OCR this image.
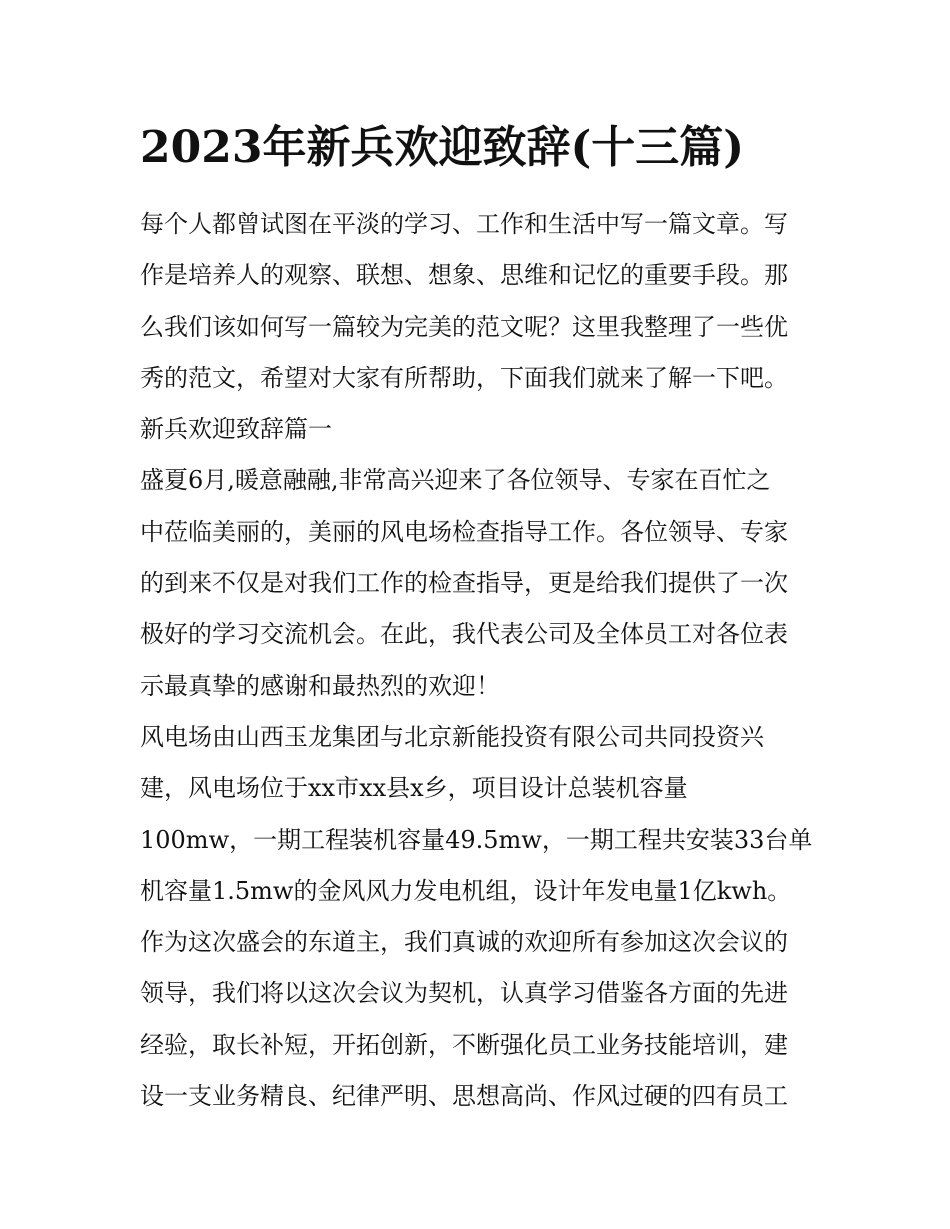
2023年新兵欢迎致辞(十三篇)
每个人都曾试图在平淡的学习、工作和生活中写一篇文章。写
作是培养人的观察、联想、想象、思维和记忆的重要手段。那
么我们该如何写一篇较为完美的范文呢？这里我整理了一些优
秀的范文，希望对大家有所帮助，下面我们就来了解一下吧。
新兵欢迎致辞篇一
盛夏6月,暖意融融,非常高兴迎来了各位领导、专家在百忙之
中莅临美丽的，美丽的风电场检查指导工作。各位领导、专家
的到来不仅是对我们工作的检查指导，更是给我们提供了一次
极好的学习交流机会。在此，我代表公司及全体员工对各位表
示最真挚的感谢和最热烈的欢迎！
风电场由山西玉龙集团与北京新能投资有限公司共同投资兴
建，风电场位于xx市xx县x乡，项目设计总装机容量
100mw，一期工程装机容量49.5mw，一期工程共安装33台单
机容量1.5mw的金风风力发电机组，设计年发电量1亿kwh。
作为这次盛会的东道主，我们真诚的欢迎所有参加这次会议的
领导，我们将以这次会议为契机，认真学习借鉴各方面的先进
经验，取长补短，开拓创新，不断强化员工业务技能培训，建
设一支业务精良、纪律严明、思想高尚、作风过硬的四有员工
